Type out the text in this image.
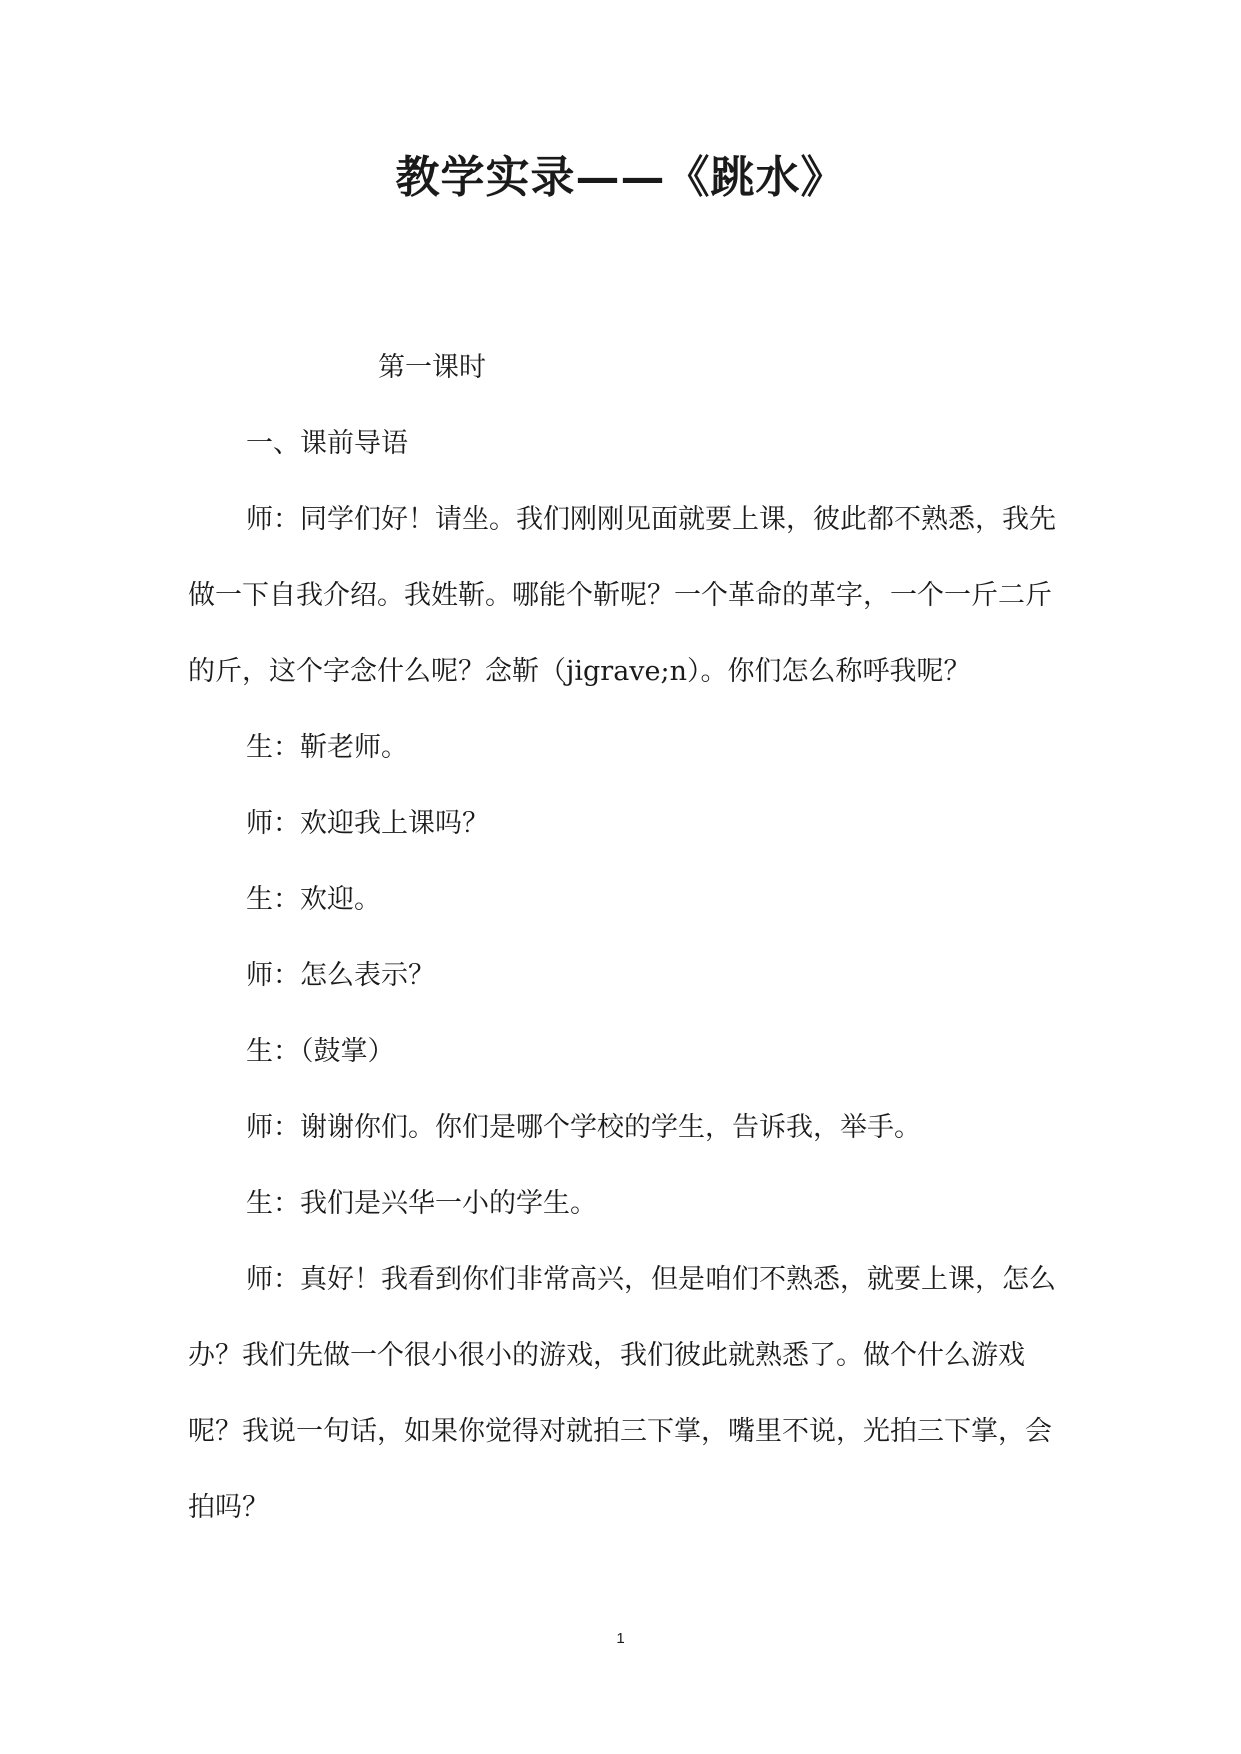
教学实录——《跳水》

第一课时

一、课前导语

师：同学们好！请坐。我们刚刚见面就要上课，彼此都不熟悉，我先做一下自我介绍。我姓靳。哪能个靳呢？一个革命的革字，一个一斤二斤的斤，这个字念什么呢？念靳（jigrave;n）。你们怎么称呼我呢？

生：靳老师。

师：欢迎我上课吗？

生：欢迎。

师：怎么表示？

生：（鼓掌）

师：谢谢你们。你们是哪个学校的学生，告诉我，举手。

生：我们是兴华一小的学生。

师：真好！我看到你们非常高兴，但是咱们不熟悉，就要上课，怎么办？我们先做一个很小很小的游戏，我们彼此就熟悉了。做个什么游戏呢？我说一句话，如果你觉得对就拍三下掌，嘴里不说，光拍三下掌，会拍吗？

1
